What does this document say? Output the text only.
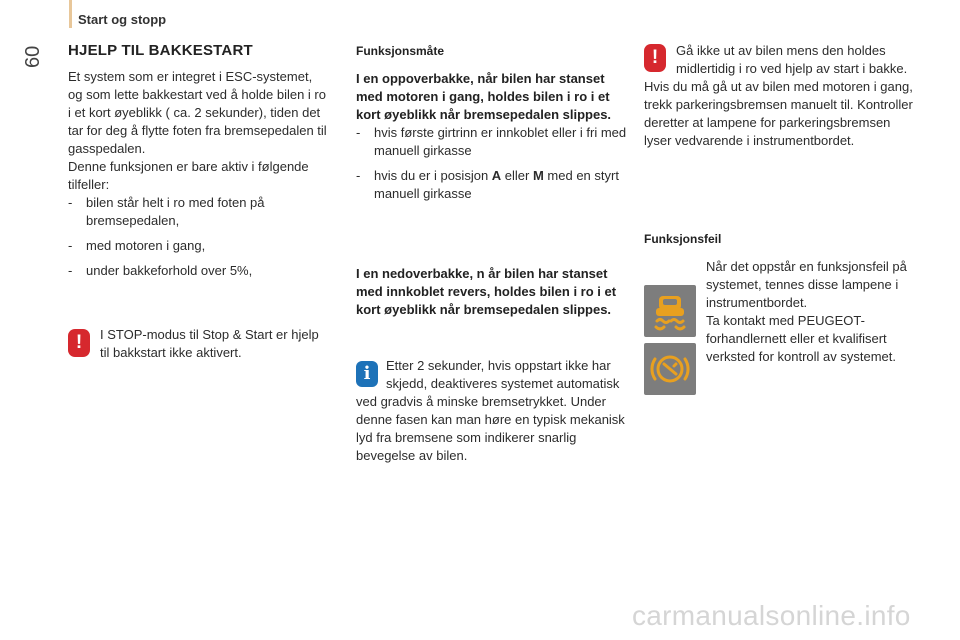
Start og stopp
60 HJELP TIL BAKKESTART

Et system som er integret i ESC-systemet, og som lette bakkestart ved å holde bilen i ro i et kort øyeblikk ( ca. 2 sekunder), tiden det tar for deg å flytte foten fra bremsepedalen til gasspedalen.

Denne funksjonen er bare aktiv i følgende tilfeller:

- bilen står helt i ro med foten på bremsepedalen,
- med motoren i gang,
- under bakkeforhold over 5%,
!	I STOP-modus til Stop & Start er hjelp til bakkstart ikke aktivert.

Funksjonsmåte

I en oppoverbakke, når bilen har stanset med motoren i gang, holdes bilen i ro i et kort øyeblikk når bremsepedalen slippes.

- hvis første girtrinn er innkoblet eller i fri med manuell girkasse
- hvis du er i posisjon A eller M med en styrt manuell girkasse

I en nedoverbakke, n år bilen har stanset med innkoblet revers, holdes bilen i ro i et kort øyeblikk når bremsepedalen slippes.

i	Etter 2 sekunder, hvis oppstart ikke har skjedd, deaktiveres systemet automatisk ved gradvis å minske bremsetrykket. Under denne fasen kan man høre en typisk mekanisk lyd fra bremsene som indikerer snarlig bevegelse av bilen.

!	Gå ikke ut av bilen mens den holdes midlertidig i ro ved hjelp av start i bakke.

Hvis du må gå ut av bilen med motoren i gang, trekk parkeringsbremsen manuelt til. Kontroller deretter at lampene for parkeringsbremsen lyser vedvarende i instrumentbordet.

Funksjonsfeil

Når det oppstår en funksjonsfeil på systemet, tennes disse lampene i instrumentbordet.

Ta kontakt med PEUGEOT-forhandlernett eller et kvalifisert verksted for kontroll av systemet.

carmanualsonline.info
